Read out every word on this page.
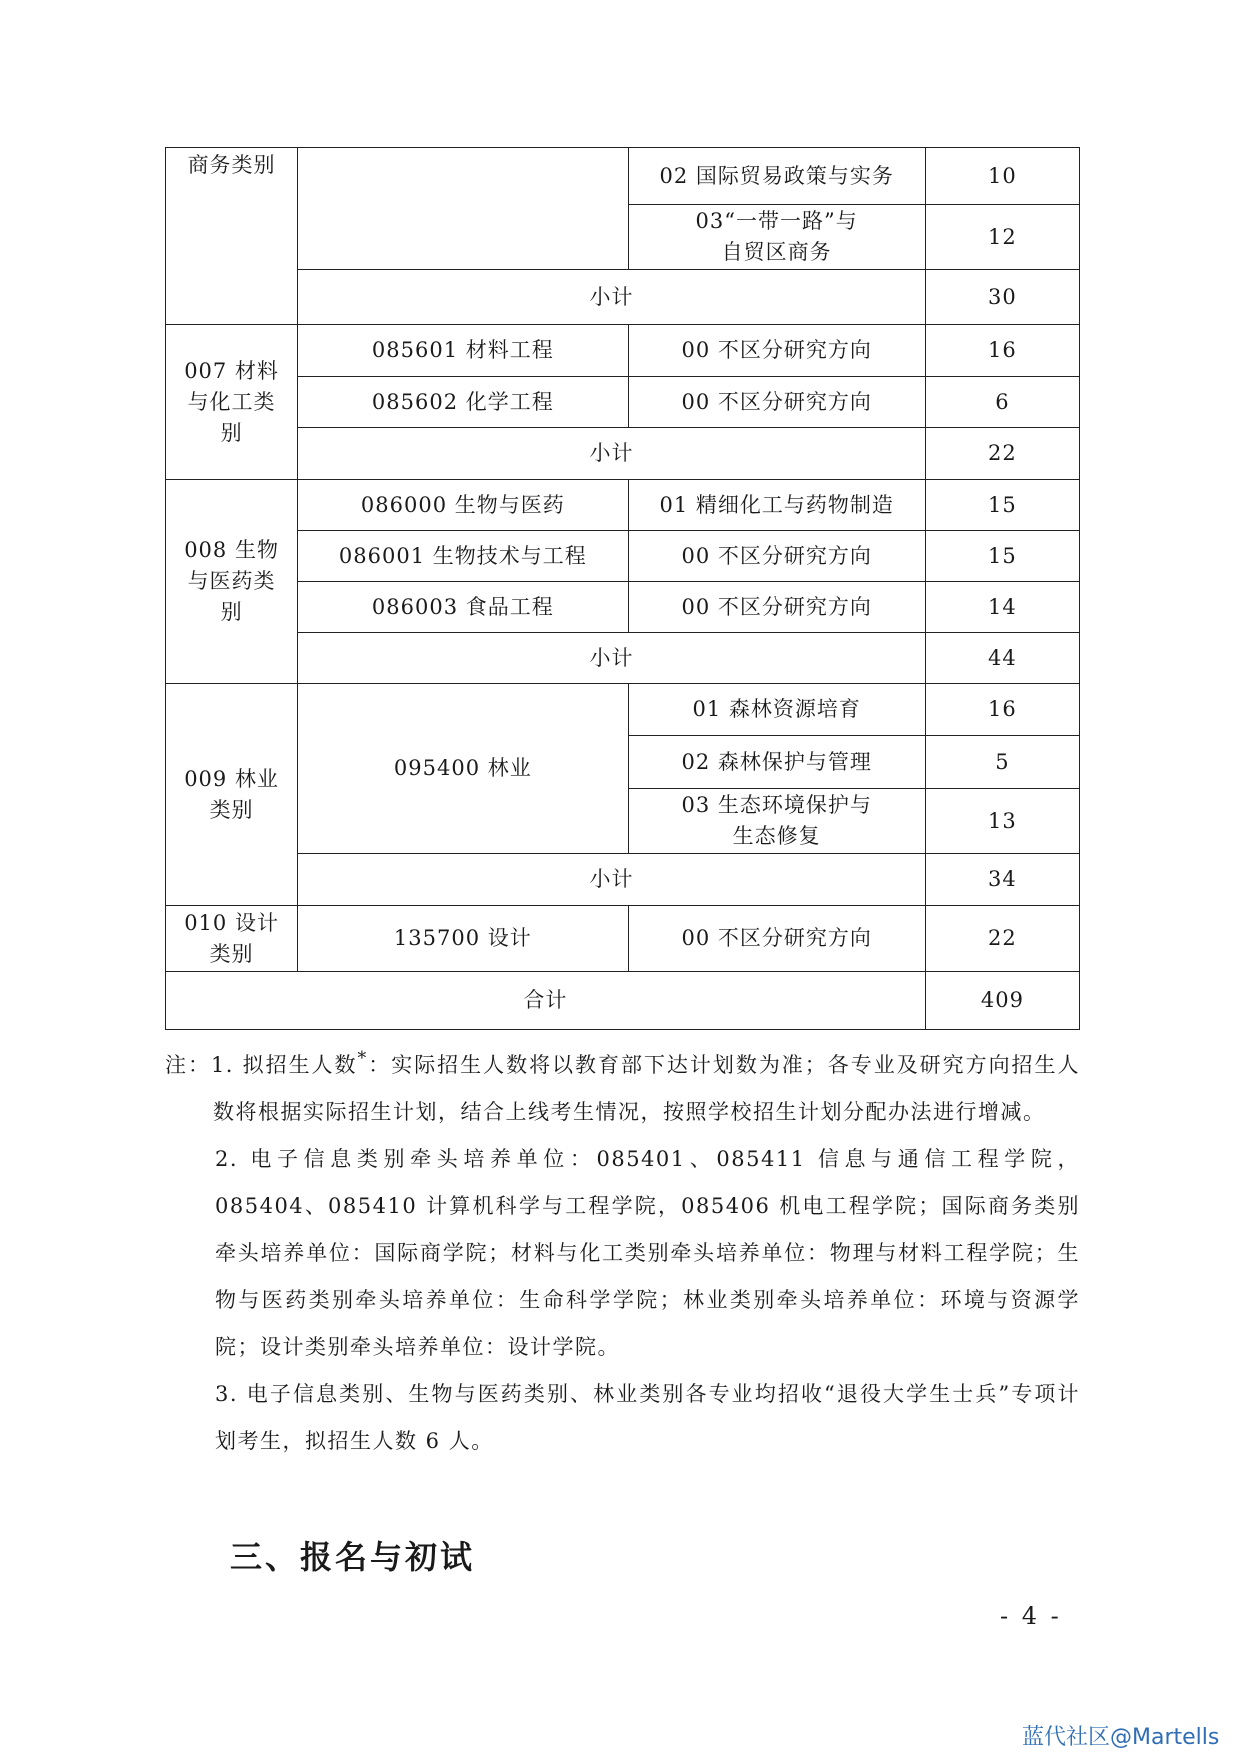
商务类别		02 国际贸易政策与实务	10

		03“一带一路”与
自贸区商务	12
	小计		30

007 材料
与化工类
别	085601 材料工程	00 不区分研究方向	16
	085602 化学工程	00 不区分研究方向	6
	小计		22

008 生物
与医药类
别	086000 生物与医药	01 精细化工与药物制造	15
	086001 生物技术与工程	00 不区分研究方向	15
	086003 食品工程	00 不区分研究方向	14
	小计		44

009 林业
类别	095400 林业	01 森林资源培育	16
		02 森林保护与管理	5

		03 生态环境保护与
生态修复	13
	小计		34

010 设计
类别	135700 设计	00 不区分研究方向	22
合计			409

注：1. 拟招生人数*：实际招生人数将以教育部下达计划数为准；各专业及研究方向招生人数将根据实际招生计划，结合上线考生情况，按照学校招生计划分配办法进行增减。

2. 电子信息类别牵头培养单位：085401、085411 信息与通信工程学院，085404、085410 计算机科学与工程学院，085406 机电工程学院；国际商务类别牵头培养单位：国际商学院；材料与化工类别牵头培养单位：物理与材料工程学院；生物与医药类别牵头培养单位：生命科学学院；林业类别牵头培养单位：环境与资源学院；设计类别牵头培养单位：设计学院。

3. 电子信息类别、生物与医药类别、林业类别各专业均招收“退役大学生士兵”专项计划考生，拟招生人数 6 人。

三、报名与初试
- 4 -
蓝代社区@Martells
